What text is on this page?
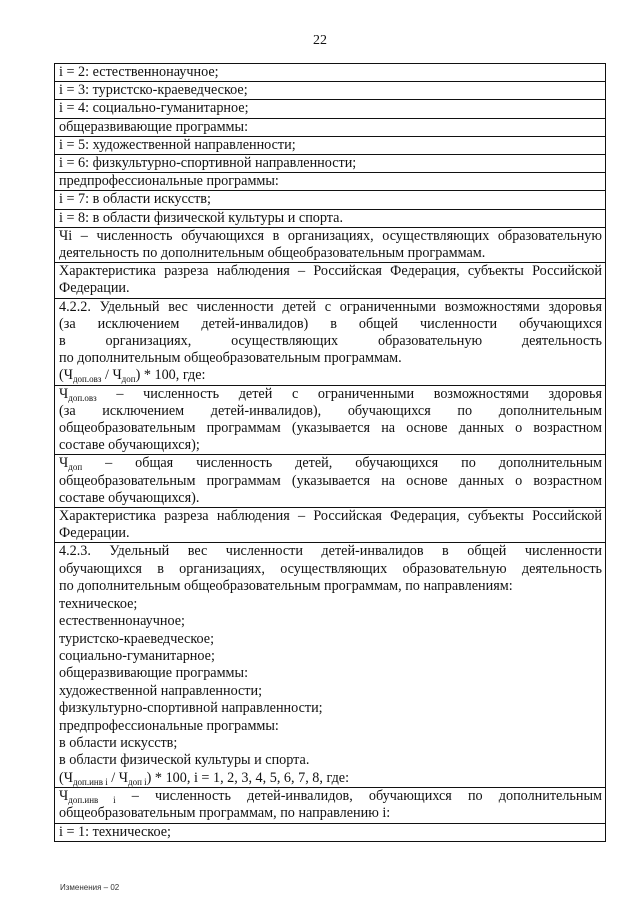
22
i = 2: естественнонаучное;
i = 3: туристско-краеведческое;
i = 4: социально-гуманитарное;
общеразвивающие программы:
i = 5: художественной направленности;
i = 6: физкультурно-спортивной направленности;
предпрофессиональные программы:
i = 7: в области искусств;
i = 8: в области физической культуры и спорта.
Чi – численность обучающихся в организациях, осуществляющих образовательную
деятельность по дополнительным общеобразовательным программам.
Характеристика разреза наблюдения – Российская Федерация, субъекты Российской
Федерации.
4.2.2. Удельный вес численности детей с ограниченными возможностями здоровья
(за исключением детей-инвалидов) в общей численности обучающихся
в организациях, осуществляющих образовательную деятельность
по дополнительным общеобразовательным программам.
$(Ч_{доп.овз} / Ч_{доп}) * 100$, где:
$Ч_{доп.овз}$ – численность детей с ограниченными возможностями здоровья
(за исключением детей-инвалидов), обучающихся по дополнительным
общеобразовательным программам (указывается на основе данных о возрастном
составе обучающихся);
$Ч_{доп}$ – общая численность детей, обучающихся по дополнительным
общеобразовательным программам (указывается на основе данных о возрастном
составе обучающихся).
Характеристика разреза наблюдения – Российская Федерация, субъекты Российской
Федерации.
4.2.3. Удельный вес численности детей-инвалидов в общей численности
обучающихся в организациях, осуществляющих образовательную деятельность
по дополнительным общеобразовательным программам, по направлениям:
техническое;
естественнонаучное;
туристско-краеведческое;
социально-гуманитарное;
общеразвивающие программы:
художественной направленности;
физкультурно-спортивной направленности;
предпрофессиональные программы:
в области искусств;
в области физической культуры и спорта.
$(Ч_{доп.инв i} / Ч_{доп i}) * 100$, i = 1, 2, 3, 4, 5, 6, 7, 8, где:
$Ч_{доп.инв i}$ – численность детей-инвалидов, обучающихся по дополнительным
общеобразовательным программам, по направлению i:
i = 1: техническое;
Изменения – 02
